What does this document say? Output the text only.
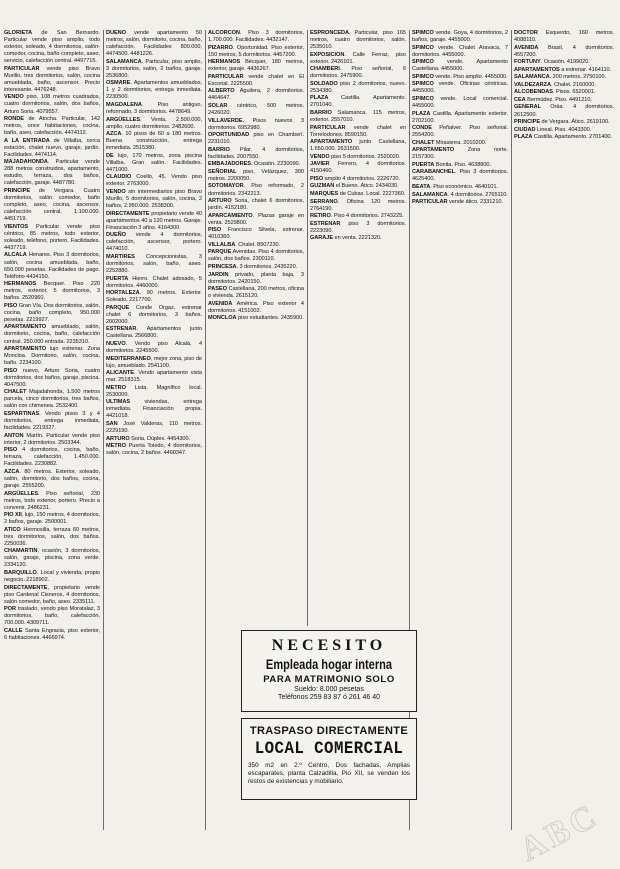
GLORIETA de San Bernardo. Particular vende piso amplio, todo exterior, soleado, 4 dormitorios, salón-comedor, cocina, baño completo, aseo, servicio, calefacción central. 4497715.

PARTICULAR vende piso Bravo Murillo, tres dormitorios, salón, cocina amueblada, baño, ascensor. Precio interesante. 4476248.

VENDO piso, 108 metros cuadrados, cuatro dormitorios, salón, dos baños, Arturo Soria. 4079557.

RONDE de Atocha. Particular, 142 metros, once habitaciones, cocina, baño, aseo, calefacción. 4474112.

A LA ENTRADA de Villalba, cerca estación, chalet nuevo, garaje, jardín. Facilidades. 4474114.

MAJADAHONDA. Particular vende 288 metros construidos, apartamento, estudio, terraza, dos baños, calefacción, garaje. 4487780.

PRINCIPE de Vergara. Cuatro dormitorios, salón comedor, baño completo, aseo, cocina, ascensor, calefacción central, 1.100.000. 4451719.

VIENTOS Particular vende piso céntrico, 85 metros, todo exterior, soleado, teléfono, portero. Facilidades. 4437719.

ALCALA Henares. Piso 3 dormitorios, salón, cocina amueblada, baño, 650.000 pesetas. Facilidades de pago. Teléfono 4434150.

HERMANOS Becquer. Piso 220 metros, exterior, 5 dormitorios, 3 baños. 2520960.

PISO Gran Vía. Dos dormitorios, salón, cocina, baño completo, 950.000 pesetas. 2219927.

APARTAMENTO amueblado, salón, dormitorio, cocina, baño, calefacción central. 250.000 entrada. 2235310.

APARTAMENTO lujo estrenar. Zona Moncloa. Dormitorio, salón, cocina, baño. 2234100.

PISO nuevo, Arturo Soria, cuatro dormitorios, dos baños, garaje, piscina. 4047500.

CHALET Majadahonda, 1.500 metros parcela, cinco dormitorios, tres baños, salón con chimenea. 2532400.

ESPARTINAS. Vendo pisos 3 y 4 dormitorios, entrega inmediata, facilidades. 2219327.

ANTON Martín. Particular vende piso interior, 2 dormitorios. 2503344.

PISO 4 dormitorios, cocina, baño, terraza, calefacción, 1.450.000. Facilidades. 2230882.

AZCA. 80 metros. Exterior, soleado, salón, dormitorio, dos baños, cocina, garaje. 2555200.

ARGÜELLES. Piso señorial, 230 metros, todo exterior, portero. Precio a convenir. 2486231.

PIO XII, lujo, 150 metros, 4 dormitorios, 2 baños, garaje. 2500001.

ATICO Hermosilla, terraza 60 metros, tres dormitorios, salón, dos baños. 2250036.

CHAMARTIN, ocasión, 3 dormitorios, salón, garaje, piscina, zona verde. 2334120.

BARQUILLO. Local y vivienda, propio negocio. 2218902.

DIRECTAMENTE, propietario vende piso Cardenal Cisneros, 4 dormitorios, salón comedor, baño, aseo. 2335111.

POR traslado, vendo piso Moratalaz, 3 dormitorios, baño, calefacción, 700.000. 4309711.

CALLE Santa Engracia, piso exterior, 6 habitaciones. 4466974.

DUEÑO vende apartamento 50 metros, salón, dormitorio, cocina, baño, calefacción. Facilidades 800.000, 4474500. 4481226.

SALAMANCA. Particular, piso amplio, 3 dormitorios, salón, 2 baños, garaje. 2536800.

OSMARE. Apartamentos amueblados, 1 y 2 dormitorios, entrega inmediata. 2230500.

MAGDALENA. Piso antiguo, reformado, 3 dormitorios. 4478649.

ARGÜELLES. Venta, 2.500.000, amplio, cuatro dormitorios. 2482600.

AZCA. 10 pisos de 60 a 180 metros. Buena construcción, entrega inmediata. 2515380.

DE lujo, 170 metros, zona piscina Villalba. Gran salón. Facilidades. 4471000.

CLAUDIO Coello, 45. Vendo piso exterior. 2763000.

VENDO sin intermediarios piso Bravo Murillo, 5 dormitorios, salón, cocina, 2 baños, 2.950.000. 2538300.

DIRECTAMENTE propietario vende 40 apartamentos 40 a 120 metros. Garaje. Financiación 3 años. 4164300.

DUEÑO vende 4 dormitorios, calefacción, ascensor, portero. 4474010.

MARTIRES Concepcionistas, 3 dormitorios, salón, baño, aseo. 2252880.

PUERTA Hierro. Chalet adosado, 5 dormitorios. 4460000.

HORTALEZA. 90 metros. Exterior. Soleado. 2217700.

PARQUE Conde Orgaz, estrenar chalet 6 dormitorios, 3 baños. 2002000.

ESTRENAR. Apartamentos junto Castellana. 2566800.

NUEVO. Vendo piso Alcalá, 4 dormitorios. 2245500.

MEDITERRANEO, mejor zona, piso de lujo, amueblado. 2541100.

ALICANTE. Vendo apartamento vista mar. 2518315.

METRO Lista. Magnífico local. 2530000.

ULTIMAS viviendas, entrega inmediata. Financiación propia. 4421018.

SAN José Valderas, 110 metros. 2229190.

ARTURO Soria. Dúplex. 4454300.

METRO Puerta Toledo, 4 dormitorios, salón, cocina, 2 baños. 4460347.

ALCORCON. Piso 3 dormitorios, 1.700.000. Facilidades. 4432147.

PIZARRO. Oportunidad. Piso exterior, 150 metros, 5 dormitorios. 4457200.

HERMANOS Bécquer, 180 metros, exterior, garaje. 4436267.

PARTICULAR vende chalet en El Escorial. 2225500.

ALBERTO Aguilera, 2 dormitorios. 4464647.

SOLAR céntrico, 500 metros. 2426020.

VILLAVERDE. Pisos nuevos 3 dormitorios. 6952980.

OPORTUNIDAD piso en Chamberí. 2231010.

BARRIO Pilar. 4 dormitorios, facilidades. 2007550.

EMBAJADORES. Ocasión. 2230090.

SEÑORIAL piso, Velázquez, 300 metros. 2200050.

SOTOMAYOR. Piso reformado, 2 dormitorios. 2342213.

ARTURO Soria, chalet 6 dormitorios, jardín. 4152180.

APARCAMIENTO. Plazas garaje en venta. 2529800.

PISO Francisco Silvela, estrenar. 4010360.

VILLALBA. Chalet. 8507230.

PARQUE Avenidas. Piso 4 dormitorios, salón, dos baños. 2300110.

PRINCESA. 3 dormitorios. 2435220.

JARDIN privado, planta baja, 3 dormitorios. 2420150.

PASEO Castellana, 200 metros, oficina o vivienda. 2615120.

AVENIDA América. Piso exterior 4 dormitorios. 4151002.

MONCLOA piso estudiantes. 2435900.

ESPRONCEDA. Particular, piso 165 metros, cuatro dormitorios, salón. 2535010.

EXPOSICION. Calle Ferraz, piso exterior. 2426101.

CHAMBERI. Piso señorial, 6 dormitorios. 2475900.

SOLDADO piso 2 dormitorios, nuevo. 2534380.

PLAZA Castilla. Apartamento. 2701040.

BARRIO Salamanca. 115 metros, exterior. 2557010.

PARTICULAR vende chalet en Torrelodones. 8590150.

APARTAMENTO junto Castellana, 1.650.000. 2631500.

VENDO piso 5 dormitorios. 2520020.

JAVIER Ferrero, 4 dormitorios. 4150460.

PISO amplio 4 dormitorios. 2226720.

GUZMAN el Bueno. Ático. 2434030.

MARQUES de Cubas. Local. 2227360.

SERRANO. Oficina 120 metros. 2764190.

RETIRO. Piso 4 dormitorios. 2743225.

ESTRENAR piso 3 dormitorios. 2223090.

GARAJE en venta. 2221320.

SPIMCO vende. Goya, 4 dormitorios, 2 baños, garaje. 4455000.

SPIMCO vende. Chalet Aravaca, 7 dormitorios. 4455000.

SPIMCO vende. Apartamento Castellana. 4455000.

SPIMCO vende. Piso amplio. 4455000.

SPIMCO vende. Oficinas céntricas. 4455000.

SPIMCO vende. Local comercial. 4455000.

PLAZA Castilla. Apartamento exterior. 2702100.

CONDE Peñalver. Piso señorial. 2554200.

CHALET Mirasierra. 2010200.

APARTAMENTO Zona norte. 2157300.

PUERTA Bonita. Piso. 4638800.

CARABANCHEL. Piso 3 dormitorios. 4625400.

BEATA. Piso económico. 4640101.

SALAMANCA. 4 dormitorios. 2765110.

PARTICULAR vende ático. 2331210.

DOCTOR Esquerdo, 160 metros. 4088110.

AVENIDA Brasil, 4 dormitorios. 4557200.

FORTUNY. Ocasión. 4199020.

APARTAMENTOS a estrenar. 4164110.

SALAMANCA. 200 metros. 2750100.

VALDEZARZA. Chalet. 2160000.

ALCOBENDAS. Pisos. 6520001.

CEA Bermúdez. Piso. 4491210.

GENERAL Oráa. 4 dormitorios. 2612500.

PRINCIPE de Vergara. Ático. 2619100.

CIUDAD Lineal. Piso. 4043300.

PLAZA Castilla. Apartamento. 2701400.

NECESITO
Empleada hogar interna
PARA MATRIMONIO SOLO
Sueldo: 8.000 pesetas
Teléfonos 259 83 87 ó 261 46 40
TRASPASO DIRECTAMENTE
LOCAL COMERCIAL
350 m2 en 2.º Centro, Dos fachadas, Amplias escaparates, planta Calzadilla, Pio XII, se venden los restos de existencias y mobiliario.
ABC
